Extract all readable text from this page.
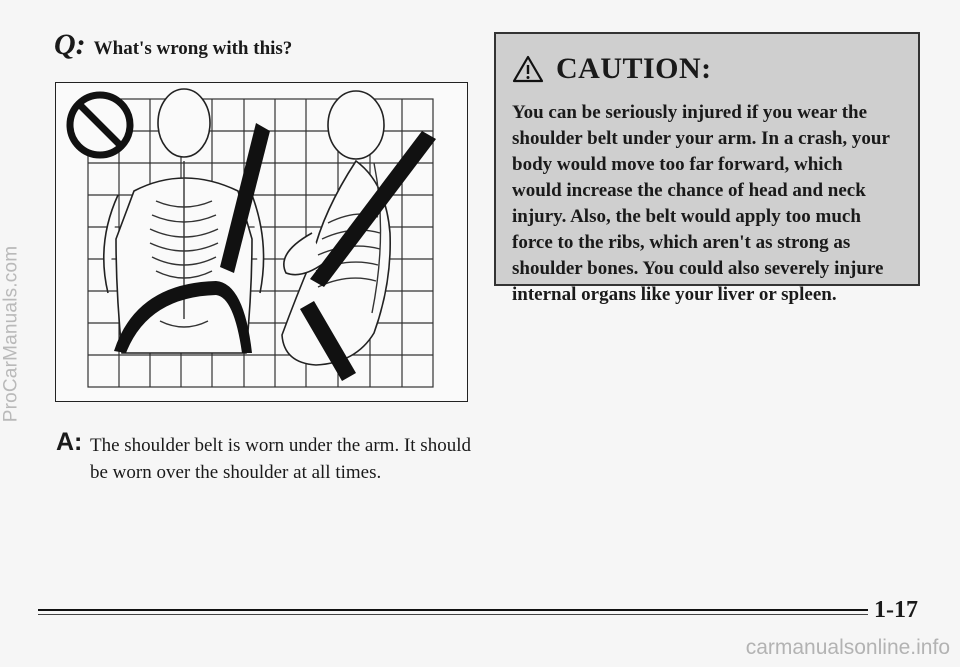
ProCarManuals.com
Q: What's wrong with this?
A: The shoulder belt is worn under the arm. It should be worn over the shoulder at all times.
CAUTION:
You can be seriously injured if you wear the shoulder belt under your arm. In a crash, your body would move too far forward, which would increase the chance of head and neck injury. Also, the belt would apply too much force to the ribs, which aren't as strong as shoulder bones. You could also severely injure internal organs like your liver or spleen.
1-17
carmanualsonline.info
